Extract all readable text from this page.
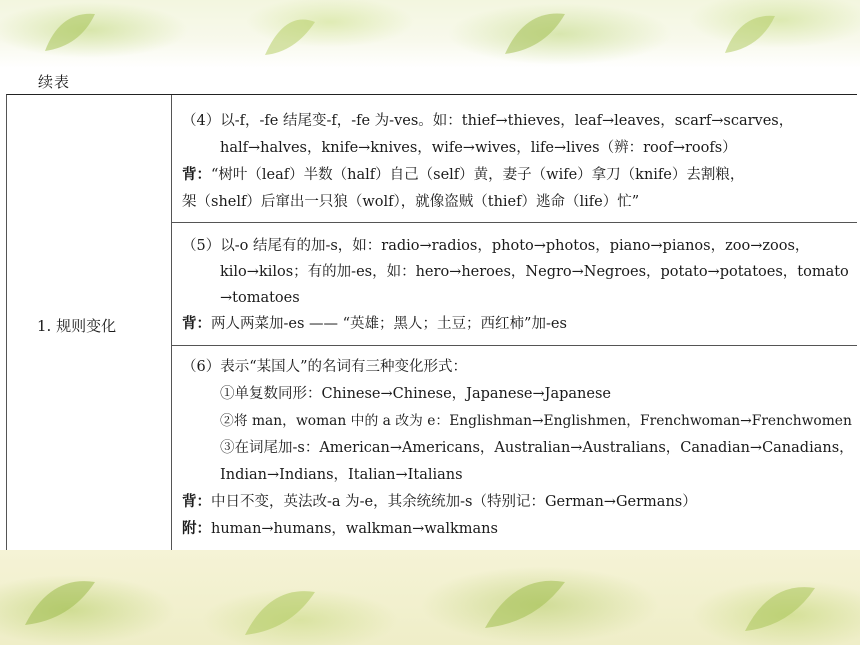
续表
1. 规则变化
（4）以-f，-fe 结尾变-f，-fe 为-ves。如：thief→thieves，leaf→leaves，scarf→scarves，
half→halves，knife→knives，wife→wives，life→lives（辨：roof→roofs）
背：“树叶（leaf）半数（half）自己（self）黄，妻子（wife）拿刀（knife）去割粮，
架（shelf）后窜出一只狼（wolf），就像盗贼（thief）逃命（life）忙”
（5）以-o 结尾有的加-s，如：radio→radios，photo→photos，piano→pianos，zoo→zoos，
kilo→kilos；有的加-es，如：hero→heroes，Negro→Negroes，potato→potatoes，tomato
→tomatoes
背：两人两菜加-es —— “英雄；黑人；土豆；西红柿”加-es
（6）表示“某国人”的名词有三种变化形式：
①单复数同形：Chinese→Chinese，Japanese→Japanese
②将 man，woman 中的 a 改为 e：Englishman→Englishmen，Frenchwoman→Frenchwomen
③在词尾加-s：American→Americans，Australian→Australians，Canadian→Canadians，
Indian→Indians，Italian→Italians
背：中日不变，英法改-a 为-e，其余统统加-s（特别记：German→Germans）
附：human→humans，walkman→walkmans
